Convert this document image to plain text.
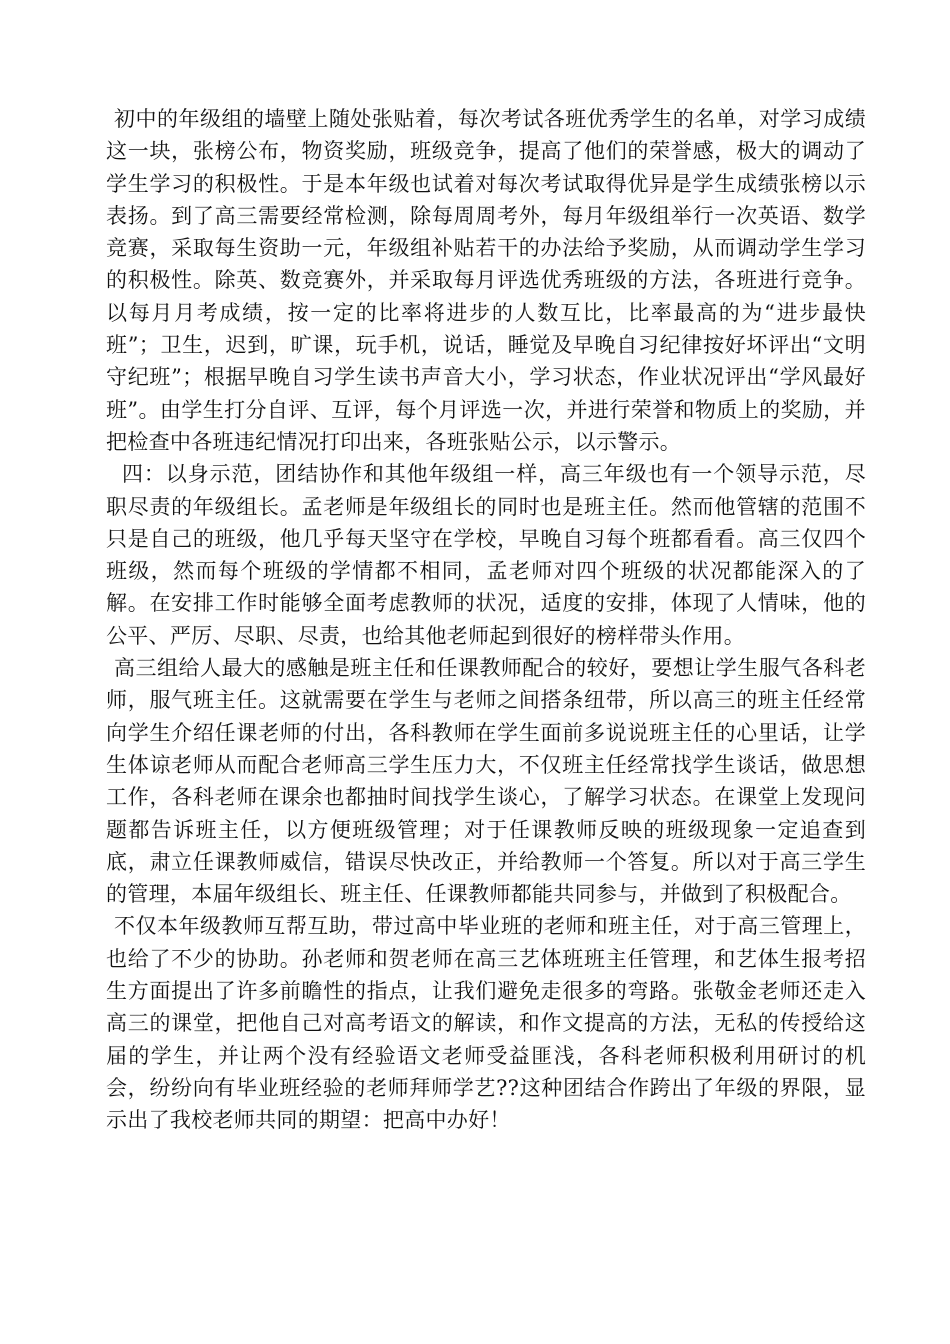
初中的年级组的墙壁上随处张贴着，每次考试各班优秀学生的名单，对学习成绩这一块，张榜公布，物资奖励，班级竞争，提高了他们的荣誉感，极大的调动了学生学习的积极性。于是本年级也试着对每次考试取得优异是学生成绩张榜以示表扬。到了高三需要经常检测，除每周周考外，每月年级组举行一次英语、数学竞赛，采取每生资助一元，年级组补贴若干的办法给予奖励，从而调动学生学习的积极性。除英、数竞赛外，并采取每月评选优秀班级的方法，各班进行竞争。以每月月考成绩，按一定的比率将进步的人数互比，比率最高的为“进步最快班”；卫生，迟到，旷课，玩手机，说话，睡觉及早晚自习纪律按好坏评出“文明守纪班”；根据早晚自习学生读书声音大小，学习状态，作业状况评出“学风最好班”。由学生打分自评、互评，每个月评选一次，并进行荣誉和物质上的奖励，并把检查中各班违纪情况打印出来，各班张贴公示，以示警示。

四：以身示范，团结协作和其他年级组一样，高三年级也有一个领导示范，尽职尽责的年级组长。孟老师是年级组长的同时也是班主任。然而他管辖的范围不只是自己的班级，他几乎每天坚守在学校，早晚自习每个班都看看。高三仅四个班级，然而每个班级的学情都不相同，孟老师对四个班级的状况都能深入的了解。在安排工作时能够全面考虑教师的状况，适度的安排，体现了人情味，他的公平、严厉、尽职、尽责，也给其他老师起到很好的榜样带头作用。

高三组给人最大的感触是班主任和任课教师配合的较好，要想让学生服气各科老师，服气班主任。这就需要在学生与老师之间搭条纽带，所以高三的班主任经常向学生介绍任课老师的付出，各科教师在学生面前多说说班主任的心里话，让学生体谅老师从而配合老师高三学生压力大，不仅班主任经常找学生谈话，做思想工作，各科老师在课余也都抽时间找学生谈心，了解学习状态。在课堂上发现问题都告诉班主任，以方便班级管理；对于任课教师反映的班级现象一定追查到底，肃立任课教师威信，错误尽快改正，并给教师一个答复。所以对于高三学生的管理，本届年级组长、班主任、任课教师都能共同参与，并做到了积极配合。

不仅本年级教师互帮互助，带过高中毕业班的老师和班主任，对于高三管理上，也给了不少的协助。孙老师和贺老师在高三艺体班班主任管理，和艺体生报考招生方面提出了许多前瞻性的指点，让我们避免走很多的弯路。张敬金老师还走入高三的课堂，把他自己对高考语文的解读，和作文提高的方法，无私的传授给这届的学生，并让两个没有经验语文老师受益匪浅，各科老师积极利用研讨的机会，纷纷向有毕业班经验的老师拜师学艺??这种团结合作跨出了年级的界限，显示出了我校老师共同的期望：把高中办好！
